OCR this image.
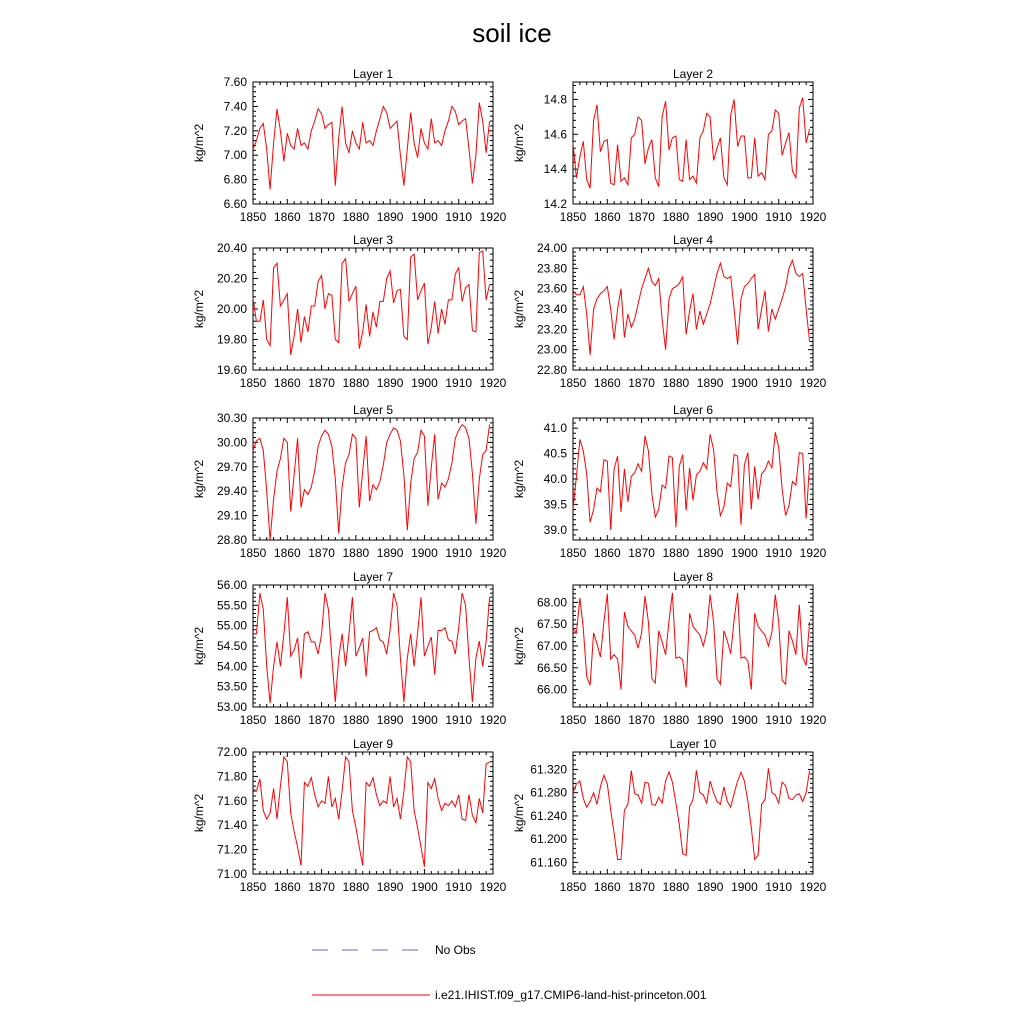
soil ice
Layer 1
kg/m^2
1850 1860 1870 1880 1890 1900 1910 1920
6.60
6.80
7.00
7.20
7.40
7.60
Layer 2
kg/m^2
1850 1860 1870 1880 1890 1900 1910 1920
14.2
14.4
14.6
14.8
Layer 3
kg/m^2
1850 1860 1870 1880 1890 1900 1910 1920
19.60
19.80
20.00
20.20
20.40
Layer 4
kg/m^2
1850 1860 1870 1880 1890 1900 1910 1920
22.80
23.00
23.20
23.40
23.60
23.80
24.00
Layer 5
kg/m^2
1850 1860 1870 1880 1890 1900 1910 1920
28.80
29.10
29.40
29.70
30.00
30.30
Layer 6
kg/m^2
1850 1860 1870 1880 1890 1900 1910 1920
39.0
39.5
40.0
40.5
41.0
Layer 7
kg/m^2
1850 1860 1870 1880 1890 1900 1910 1920
53.00
53.50
54.00
54.50
55.00
55.50
56.00
Layer 8
kg/m^2
1850 1860 1870 1880 1890 1900 1910 1920
66.00
66.50
67.00
67.50
68.00
Layer 9
kg/m^2
1850 1860 1870 1880 1890 1900 1910 1920
71.00
71.20
71.40
71.60
71.80
72.00
Layer 10
kg/m^2
1850 1860 1870 1880 1890 1900 1910 1920
61.160
61.200
61.240
61.280
61.320
No Obs
i.e21.IHIST.f09_g17.CMIP6-land-hist-princeton.001
